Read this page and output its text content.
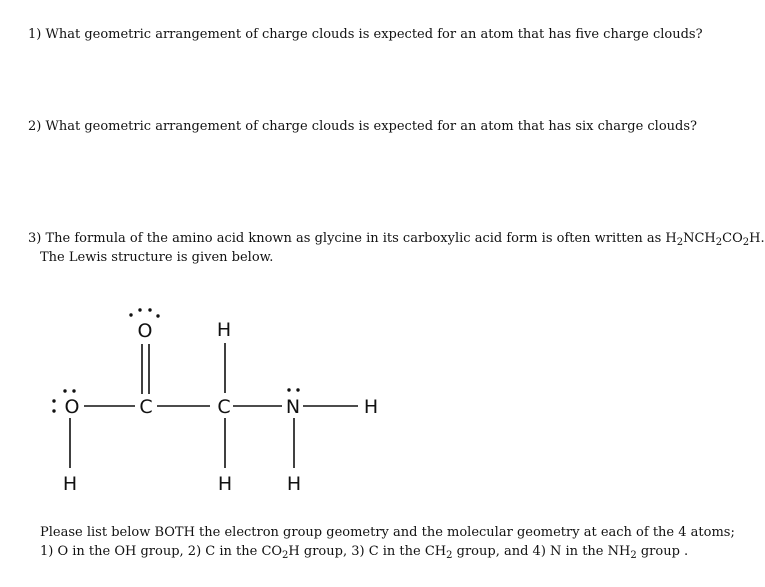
1) What geometric arrangement of charge clouds is expected for an atom that has five charge clouds?
2) What geometric arrangement of charge clouds is expected for an atom that has six charge clouds?
3) The formula of the amino acid known as glycine in its carboxylic acid form is often written as $H_2NCH_2CO_2H$.
The Lewis structure is given below.
O
O	C	C	N
H
H
H	H	H
Please list below BOTH the electron group geometry and the molecular geometry at each of the 4 atoms;
1) O in the OH group, 2) C in the $CO_2H$ group, 3) C in the $CH_2$ group, and 4) N in the $NH_2$ group .
